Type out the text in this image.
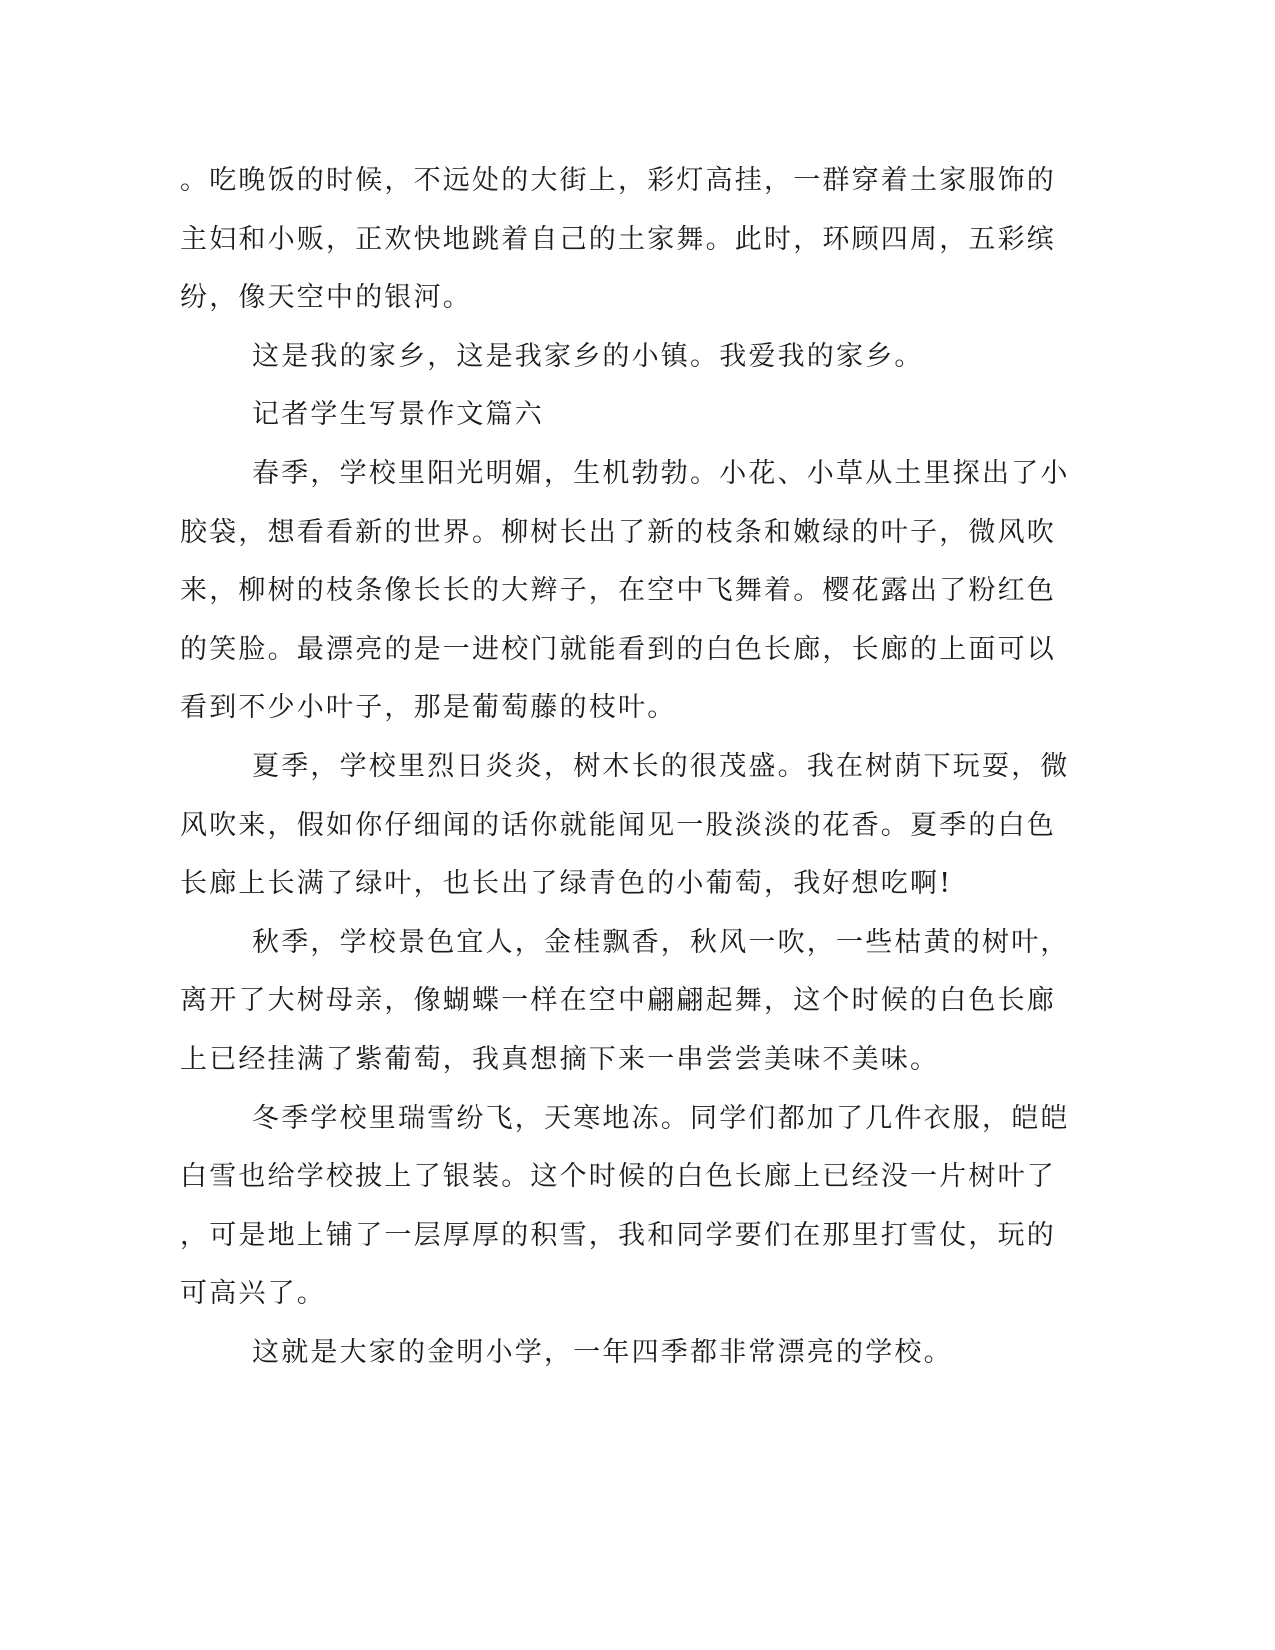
。吃晚饭的时候，不远处的大街上，彩灯高挂，一群穿着土家服饰的
主妇和小贩，正欢快地跳着自己的土家舞。此时，环顾四周，五彩缤
纷，像天空中的银河。
这是我的家乡，这是我家乡的小镇。我爱我的家乡。
记者学生写景作文篇六
春季，学校里阳光明媚，生机勃勃。小花、小草从土里探出了小
胶袋，想看看新的世界。柳树长出了新的枝条和嫩绿的叶子，微风吹
来，柳树的枝条像长长的大辫子，在空中飞舞着。樱花露出了粉红色
的笑脸。最漂亮的是一进校门就能看到的白色长廊，长廊的上面可以
看到不少小叶子，那是葡萄藤的枝叶。
夏季，学校里烈日炎炎，树木长的很茂盛。我在树荫下玩耍，微
风吹来，假如你仔细闻的话你就能闻见一股淡淡的花香。夏季的白色
长廊上长满了绿叶，也长出了绿青色的小葡萄，我好想吃啊!
秋季，学校景色宜人，金桂飘香，秋风一吹，一些枯黄的树叶，
离开了大树母亲，像蝴蝶一样在空中翩翩起舞，这个时候的白色长廊
上已经挂满了紫葡萄，我真想摘下来一串尝尝美味不美味。
冬季学校里瑞雪纷飞，天寒地冻。同学们都加了几件衣服，皑皑
白雪也给学校披上了银装。这个时候的白色长廊上已经没一片树叶了
，可是地上铺了一层厚厚的积雪，我和同学要们在那里打雪仗，玩的
可高兴了。
这就是大家的金明小学，一年四季都非常漂亮的学校。
